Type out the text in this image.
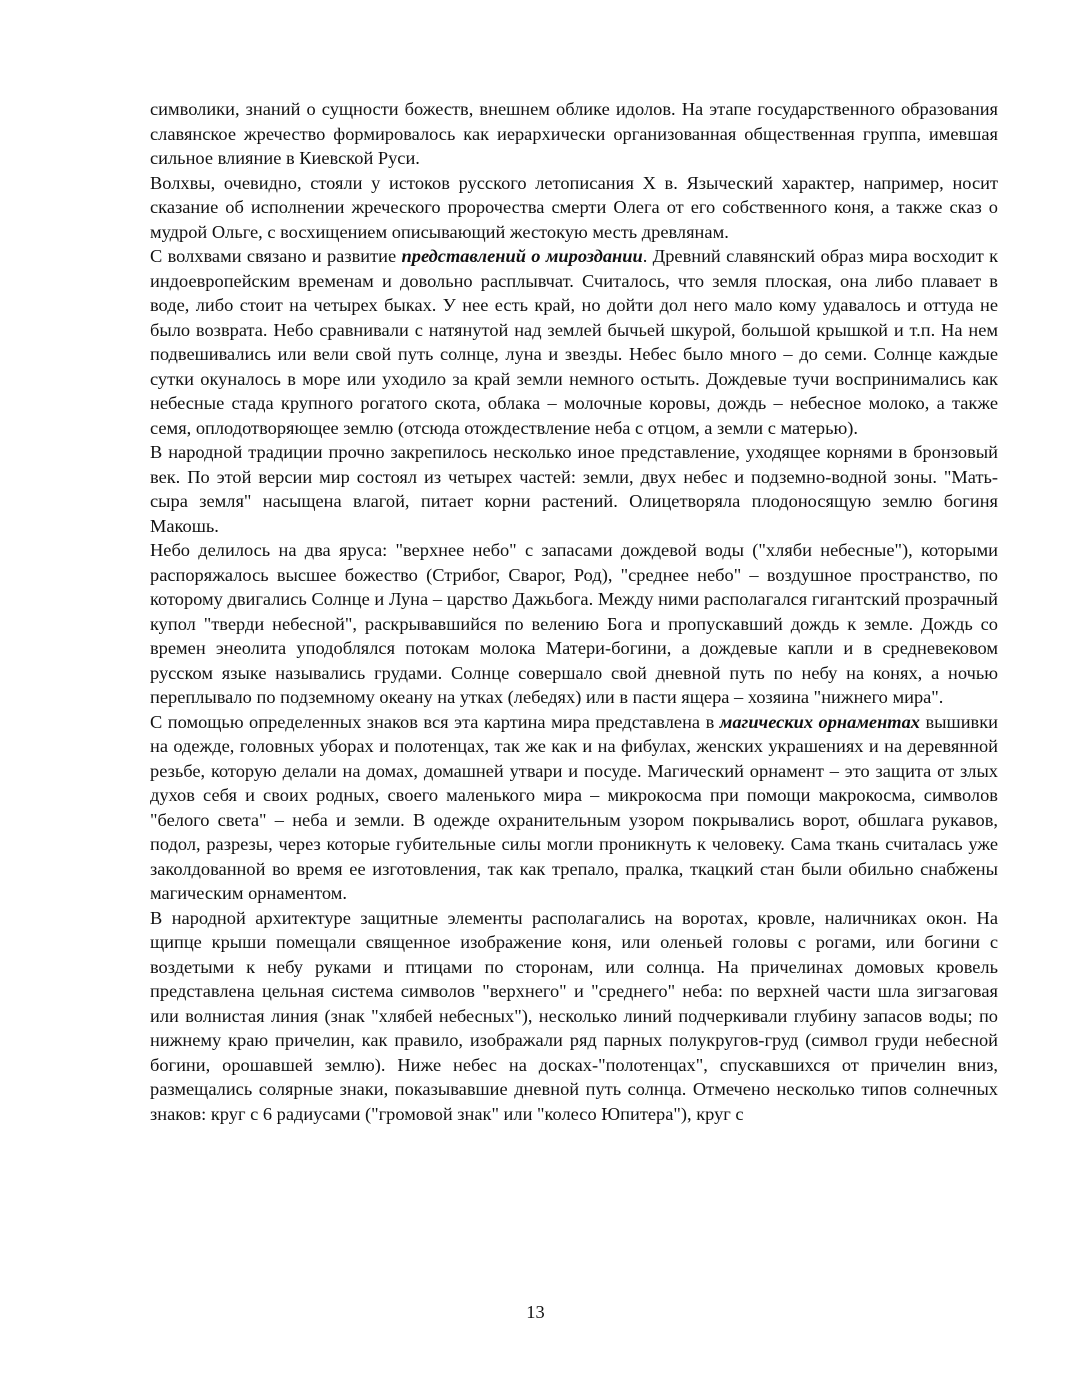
символики, знаний о сущности божеств, внешнем облике идолов. На этапе государственного образования славянское жречество формировалось как иерархически организованная общественная группа, имевшая сильное влияние в Киевской Руси.

Волхвы, очевидно, стояли у истоков русского летописания X в. Языческий характер, например, носит сказание об исполнении жреческого пророчества смерти Олега от его собственного коня, а также сказ о мудрой Ольге, с восхищением описывающий жестокую месть древлянам.

С волхвами связано и развитие представлений о мироздании. Древний славянский образ мира восходит к индоевропейским временам и довольно расплывчат. Считалось, что земля плоская, она либо плавает в воде, либо стоит на четырех быках. У нее есть край, но дойти дол него мало кому удавалось и оттуда не было возврата. Небо сравнивали с натянутой над землей бычьей шкурой, большой крышкой и т.п. На нем подвешивались или вели свой путь солнце, луна и звезды. Небес было много – до семи. Солнце каждые сутки окуналось в море или уходило за край земли немного остыть. Дождевые тучи воспринимались как небесные стада крупного рогатого скота, облака – молочные коровы, дождь – небесное молоко, а также семя, оплодотворяющее землю (отсюда отождествление неба с отцом, а земли с матерью).

В народной традиции прочно закрепилось несколько иное представление, уходящее корнями в бронзовый век. По этой версии мир состоял из четырех частей: земли, двух небес и подземно-водной зоны. "Мать-сыра земля" насыщена влагой, питает корни растений. Олицетворяла плодоносящую землю богиня Макошь.

Небо делилось на два яруса: "верхнее небо" с запасами дождевой воды ("хляби небесные"), которыми распоряжалось высшее божество (Стрибог, Сварог, Род), "среднее небо" – воздушное пространство, по которому двигались Солнце и Луна – царство Дажьбога. Между ними располагался гигантский прозрачный купол "тверди небесной", раскрывавшийся по велению Бога и пропускавший дождь к земле. Дождь со времен энеолита уподоблялся потокам молока Матери-богини, а дождевые капли и в средневековом русском языке назывались грудами. Солнце совершало свой дневной путь по небу на конях, а ночью переплывало по подземному океану на утках (лебедях) или в пасти ящера – хозяина "нижнего мира".

С помощью определенных знаков вся эта картина мира представлена в магических орнаментах вышивки на одежде, головных уборах и полотенцах, так же как и на фибулах, женских украшениях и на деревянной резьбе, которую делали на домах, домашней утвари и посуде. Магический орнамент – это защита от злых духов себя и своих родных, своего маленького мира – микрокосма при помощи макрокосма, символов "белого света" – неба и земли. В одежде охранительным узором покрывались ворот, обшлага рукавов, подол, разрезы, через которые губительные силы могли проникнуть к человеку. Сама ткань считалась уже заколдованной во время ее изготовления, так как трепало, пралка, ткацкий стан были обильно снабжены магическим орнаментом.

В народной архитектуре защитные элементы располагались на воротах, кровле, наличниках окон. На щипце крыши помещали священное изображение коня, или оленьей головы с рогами, или богини с воздетыми к небу руками и птицами по сторонам, или солнца. На причелинах домовых кровель представлена цельная система символов "верхнего" и "среднего" неба: по верхней части шла зигзаговая или волнистая линия (знак "хлябей небесных"), несколько линий подчеркивали глубину запасов воды; по нижнему краю причелин, как правило, изображали ряд парных полукругов-груд (символ груди небесной богини, орошавшей землю). Ниже небес на досках-"полотенцах", спускавшихся от причелин вниз, размещались солярные знаки, показывавшие дневной путь солнца. Отмечено несколько типов солнечных знаков: круг с 6 радиусами ("громовой знак" или "колесо Юпитера"), круг с

13
